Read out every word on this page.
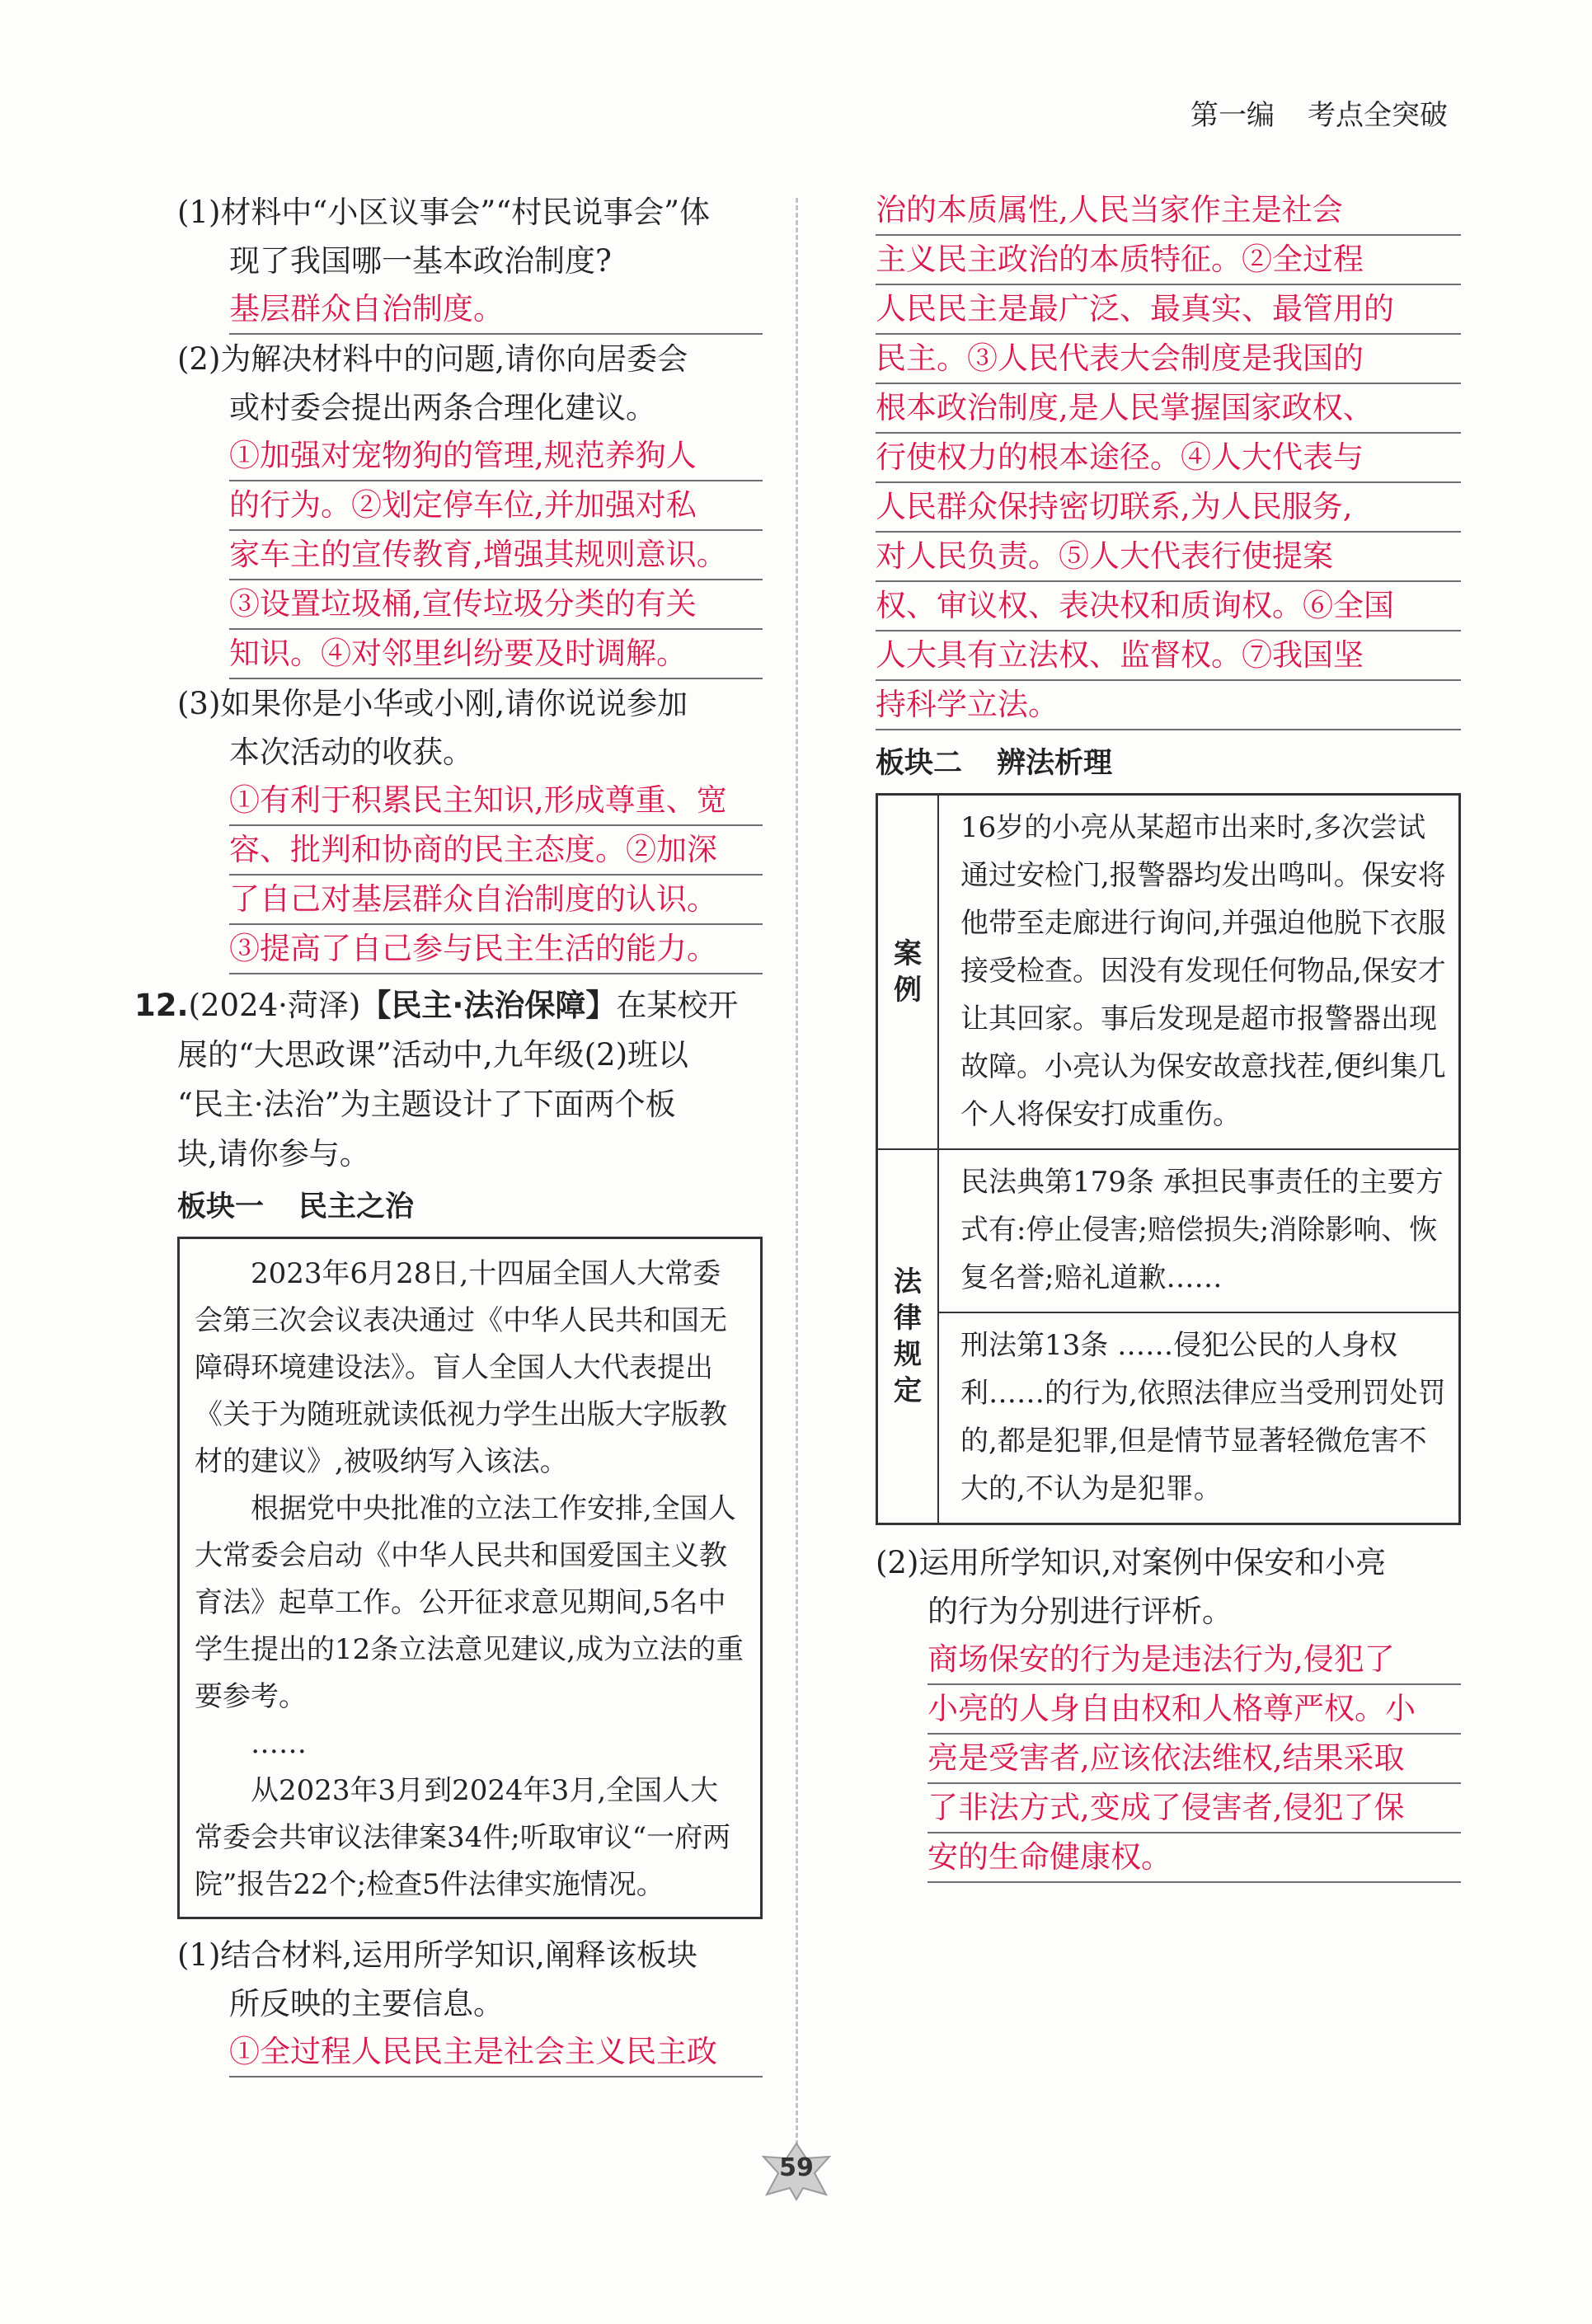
第一编 考点全突破

(1)材料中“小区议事会”“村民说事会”体
现了我国哪一基本政治制度?

基层群众自治制度。

(2)为解决材料中的问题,请你向居委会
或村委会提出两条合理化建议。

①加强对宠物狗的管理,规范养狗人
的行为。②划定停车位,并加强对私
家车主的宣传教育,增强其规则意识。
③设置垃圾桶,宣传垃圾分类的有关
知识。④对邻里纠纷要及时调解。

(3)如果你是小华或小刚,请你说说参加
本次活动的收获。

①有利于积累民主知识,形成尊重、宽
容、批判和协商的民主态度。②加深
了自己对基层群众自治制度的认识。
③提高了自己参与民主生活的能力。

12.(2024·菏泽)【民主·法治保障】在某校开
展的“大思政课”活动中,九年级(2)班以
“民主·法治”为主题设计了下面两个板
块,请你参与。

板块一 民主之治

2023年6月28日,十四届全国人大常委会第三次会议表决通过《中华人民共和国无障碍环境建设法》。盲人全国人大代表提出《关于为随班就读低视力学生出版大字版教材的建议》,被吸纳写入该法。

根据党中央批准的立法工作安排,全国人大常委会启动《中华人民共和国爱国主义教育法》起草工作。公开征求意见期间,5名中学生提出的12条立法意见建议,成为立法的重要参考。

……

从2023年3月到2024年3月,全国人大常委会共审议法律案34件;听取审议“一府两院”报告22个;检查5件法律实施情况。

(1)结合材料,运用所学知识,阐释该板块
所反映的主要信息。

①全过程人民民主是社会主义民主政
治的本质属性,人民当家作主是社会
主义民主政治的本质特征。②全过程
人民民主是最广泛、最真实、最管用的
民主。③人民代表大会制度是我国的
根本政治制度,是人民掌握国家政权、
行使权力的根本途径。④人大代表与
人民群众保持密切联系,为人民服务,
对人民负责。⑤人大代表行使提案
权、审议权、表决权和质询权。⑥全国
人大具有立法权、监督权。⑦我国坚
持科学立法。
板块二 辨法析理
案例	16岁的小亮从某超市出来时,多次尝试通过安检门,报警器均发出鸣叫。保安将他带至走廊进行询问,并强迫他脱下衣服接受检查。因没有发现任何物品,保安才让其回家。事后发现是超市报警器出现故障。小亮认为保安故意找茬,便纠集几个人将保安打成重伤。
法律规定	民法典第179条 承担民事责任的主要方式有:停止侵害;赔偿损失;消除影响、恢复名誉;赔礼道歉……
	刑法第13条 ……侵犯公民的人身权利……的行为,依照法律应当受刑罚处罚的,都是犯罪,但是情节显著轻微危害不大的,不认为是犯罪。

(2)运用所学知识,对案例中保安和小亮
的行为分别进行评析。

商场保安的行为是违法行为,侵犯了
小亮的人身自由权和人格尊严权。小
亮是受害者,应该依法维权,结果采取
了非法方式,变成了侵害者,侵犯了保
安的生命健康权。
59
